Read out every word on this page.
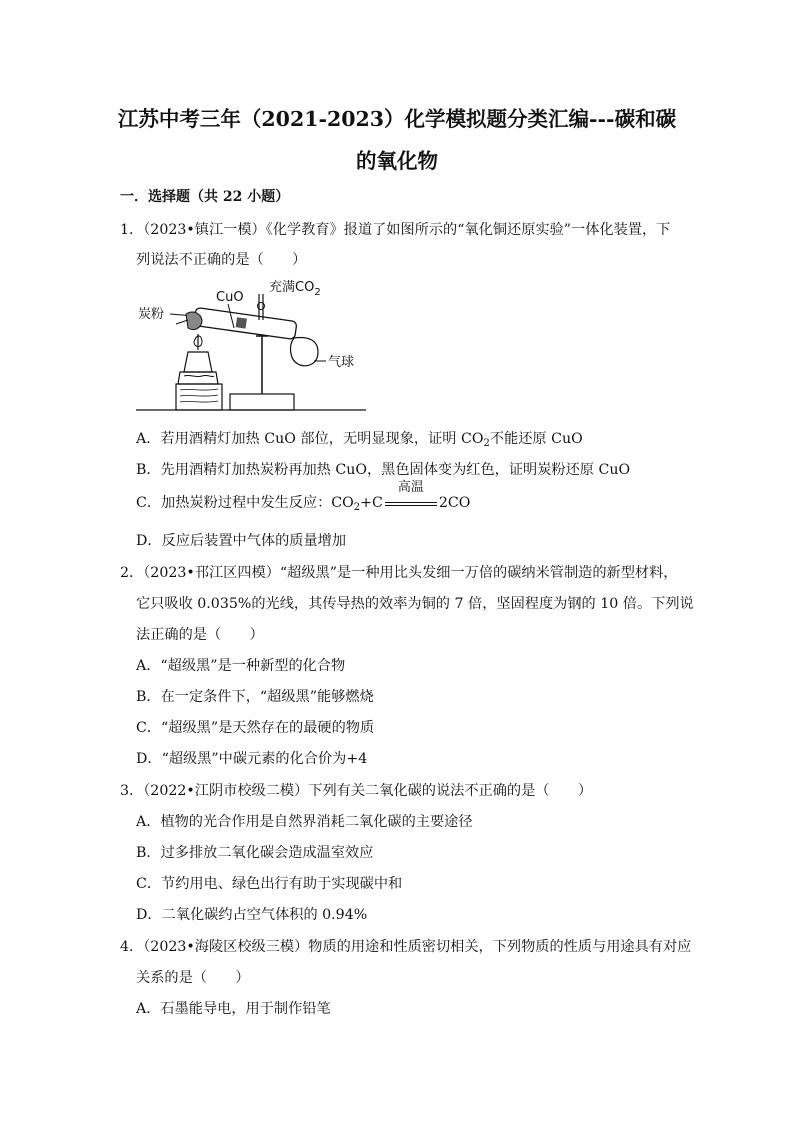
江苏中考三年（2021-2023）化学模拟题分类汇编---碳和碳的氧化物
一．选择题（共 22 小题）
1．（2023•镇江一模）《化学教育》报道了如图所示的“氧化铜还原实验”一体化装置，下
列说法不正确的是（　　）
炭粉
CuO
充满$CO_2$
气球
A．若用酒精灯加热 CuO 部位，无明显现象，证明 $CO_2$不能还原 CuO
B．先用酒精灯加热炭粉再加热 CuO，黑色固体变为红色，证明炭粉还原 CuO
C．加热炭粉过程中发生反应：$CO_2+C$
高温
2CO
D．反应后装置中气体的质量增加
2．（2023•邗江区四模）“超级黑”是一种用比头发细一万倍的碳纳米管制造的新型材料，
它只吸收 0.035%的光线，其传导热的效率为铜的 7 倍，坚固程度为钢的 10 倍。下列说
法正确的是（　　）
A．“超级黑”是一种新型的化合物
B．在一定条件下，“超级黑”能够燃烧
C．“超级黑”是天然存在的最硬的物质
D．“超级黑”中碳元素的化合价为+4
3．（2022•江阴市校级二模）下列有关二氧化碳的说法不正确的是（　　）
A．植物的光合作用是自然界消耗二氧化碳的主要途径
B．过多排放二氧化碳会造成温室效应
C．节约用电、绿色出行有助于实现碳中和
D．二氧化碳约占空气体积的 0.94%
4．（2023•海陵区校级三模）物质的用途和性质密切相关，下列物质的性质与用途具有对应
关系的是（　　）
A．石墨能导电，用于制作铅笔
